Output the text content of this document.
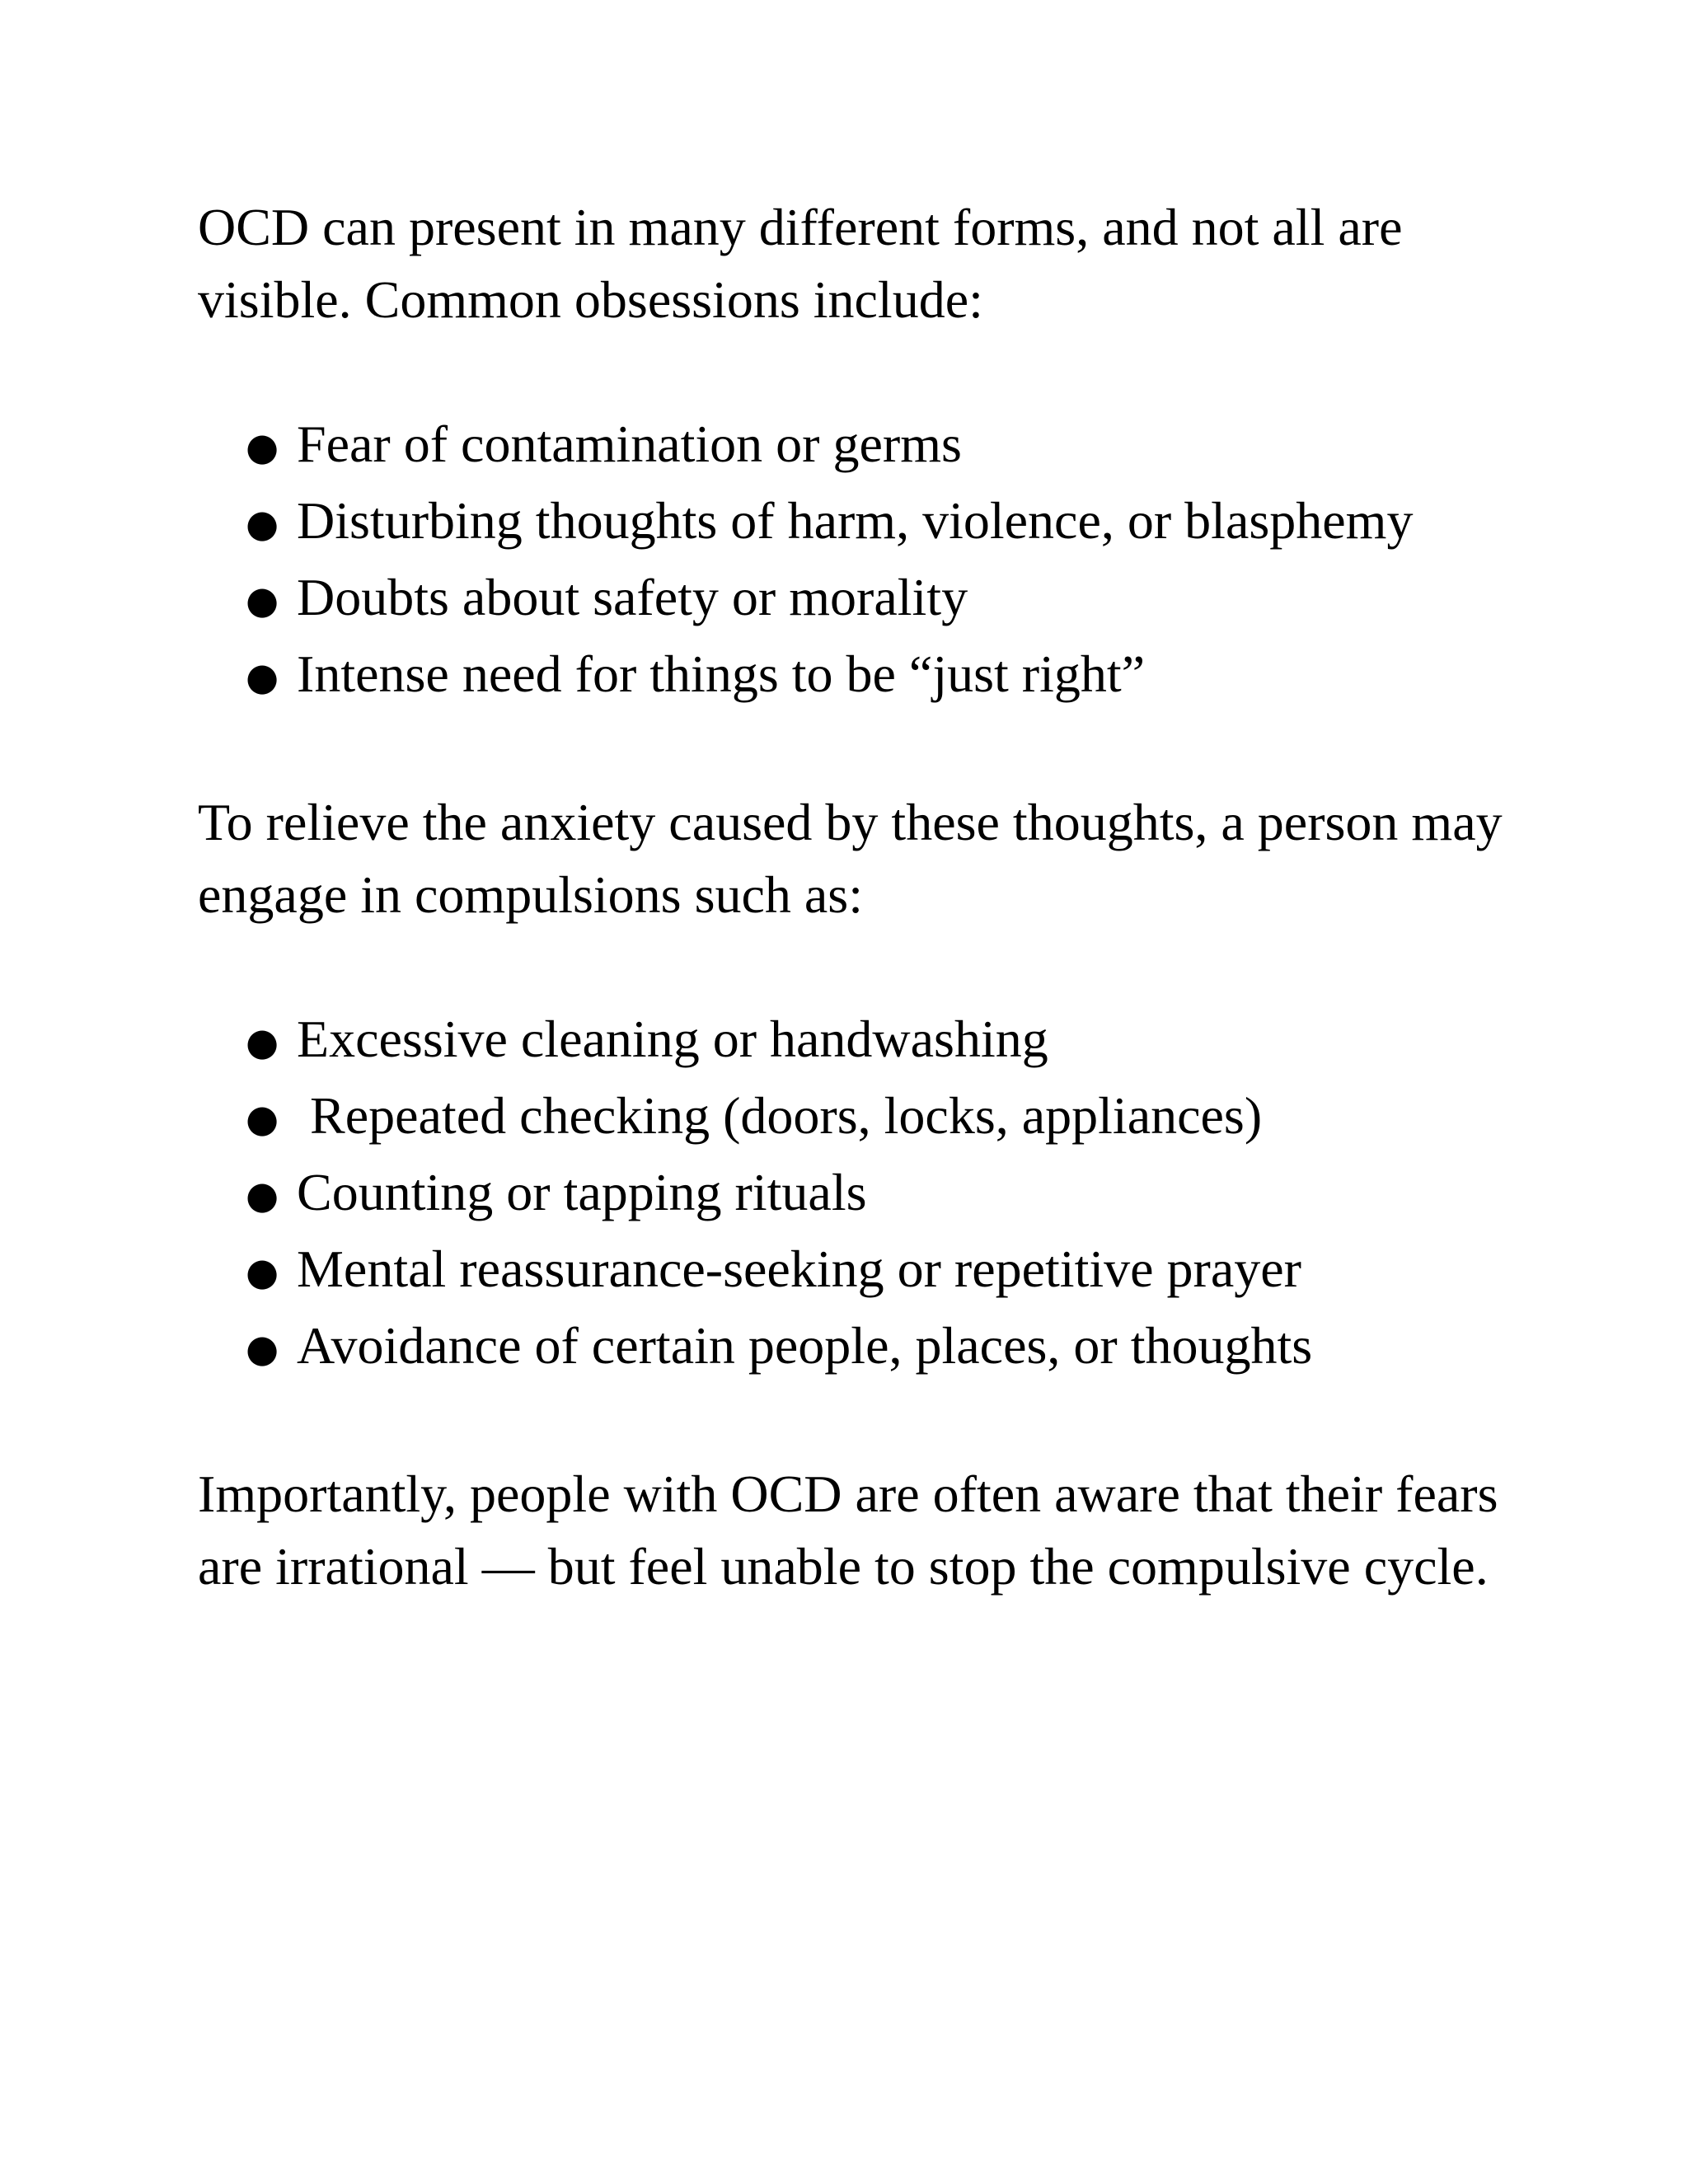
OCD can present in many different forms, and not all are visible. Common obsessions include:

● Fear of contamination or germs
● Disturbing thoughts of harm, violence, or blasphemy
● Doubts about safety or morality
● Intense need for things to be “just right”

To relieve the anxiety caused by these thoughts, a person may engage in compulsions such as:

● Excessive cleaning or handwashing
● Repeated checking (doors, locks, appliances)
● Counting or tapping rituals
● Mental reassurance-seeking or repetitive prayer
● Avoidance of certain people, places, or thoughts

Importantly, people with OCD are often aware that their fears are irrational — but feel unable to stop the compulsive cycle.
